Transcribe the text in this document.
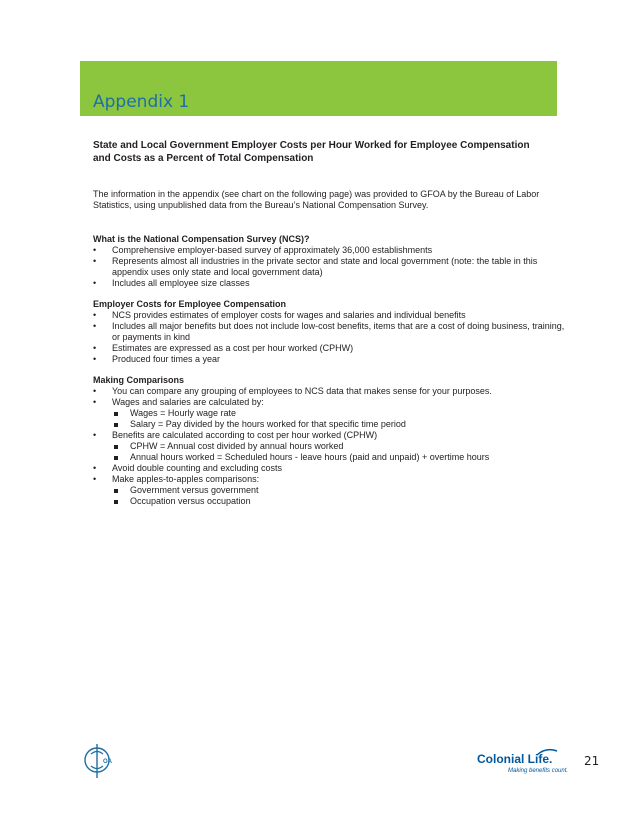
Appendix 1

State and Local Government Employer Costs per Hour Worked for Employee Compensation
and Costs as a Percent of Total Compensation

The information in the appendix (see chart on the following page) was provided to GFOA by the Bureau of Labor Statistics, using unpublished data from the Bureau’s National Compensation Survey.

What is the National Compensation Survey (NCS)?

• Comprehensive employer-based survey of approximately 36,000 establishments
• Represents almost all industries in the private sector and state and local government (note: the table in this appendix uses only state and local government data)
• Includes all employee size classes

Employer Costs for Employee Compensation

• NCS provides estimates of employer costs for wages and salaries and individual benefits
• Includes all major benefits but does not include low-cost benefits, items that are a cost of doing business, training, or payments in kind
• Estimates are expressed as a cost per hour worked (CPHW)
• Produced four times a year

Making Comparisons

• You can compare any grouping of employees to NCS data that makes sense for your purposes.
• Wages and salaries are calculated by:
Wages = Hourly wage rate
Salary = Pay divided by the hours worked for that specific time period
• Benefits are calculated according to cost per hour worked (CPHW)
CPHW = Annual cost divided by annual hours worked
Annual hours worked = Scheduled hours - leave hours (paid and unpaid) + overtime hours
• Avoid double counting and excluding costs
• Make apples-to-apples comparisons:
Government versus government
Occupation versus occupation
OA	Colonial Life.
Making benefits count.
21
